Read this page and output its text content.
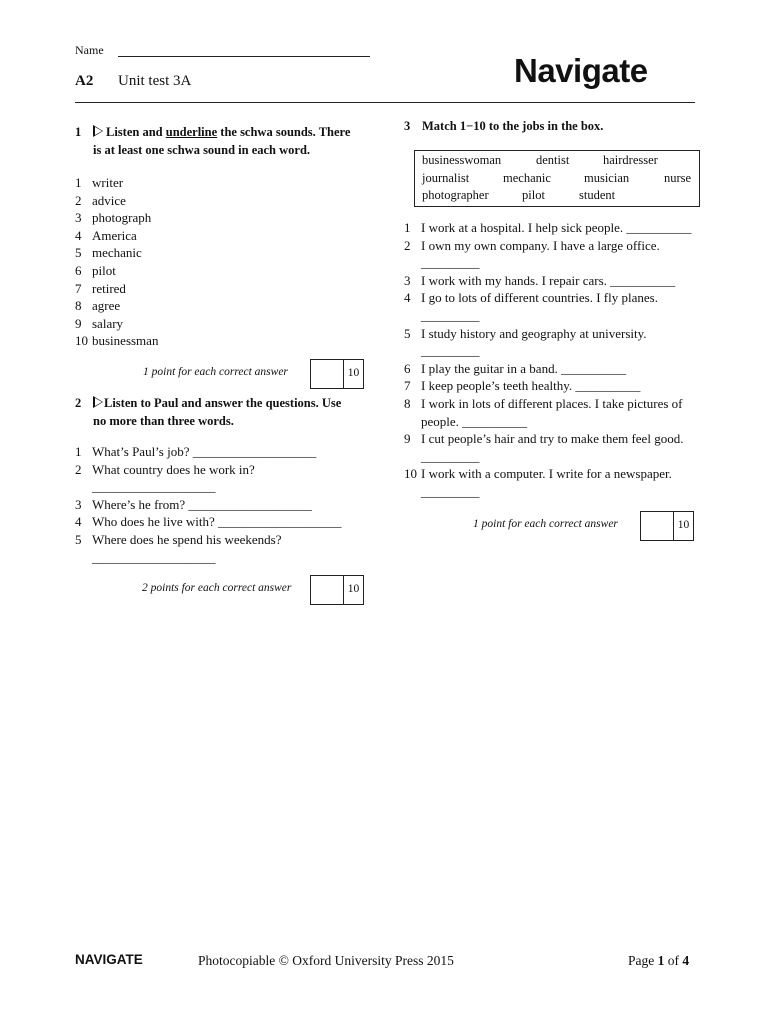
Name
A2 Unit test 3A	Navigate
1	Listen and underline the schwa sounds. There
is at least one schwa sound in each word.
1 writer
2 advice
3 photograph
4 America
5 mechanic
6 pilot
7 retired
8 agree
9 salary
10 businessman
1 point for each correct answer	10
2	Listen to Paul and answer the questions. Use
no more than three words.
1 What’s Paul’s job? ___________________
2 What country does he work in?
___________________
3 Where’s he from? ___________________
4 Who does he live with? ___________________
5 Where does he spend his weekends?
___________________
2 points for each correct answer	10
3 Match 1−10 to the jobs in the box.
businesswoman	dentist	hairdresser
journalist	mechanic	musician	nurse
photographer	pilot	student
1 I work at a hospital. I help sick people. __________
2 I own my own company. I have a large office.
_________
3 I work with my hands. I repair cars. __________
4 I go to lots of different countries. I fly planes.
_________
5 I study history and geography at university.
_________
6 I play the guitar in a band. __________
7 I keep people’s teeth healthy. __________
8 I work in lots of different places. I take pictures of
people. __________
9 I cut people’s hair and try to make them feel good.
_________
10 I work with a computer. I write for a newspaper.
_________
1 point for each correct answer	10
NAVIGATE	Photocopiable © Oxford University Press 2015	Page 1 of 4
